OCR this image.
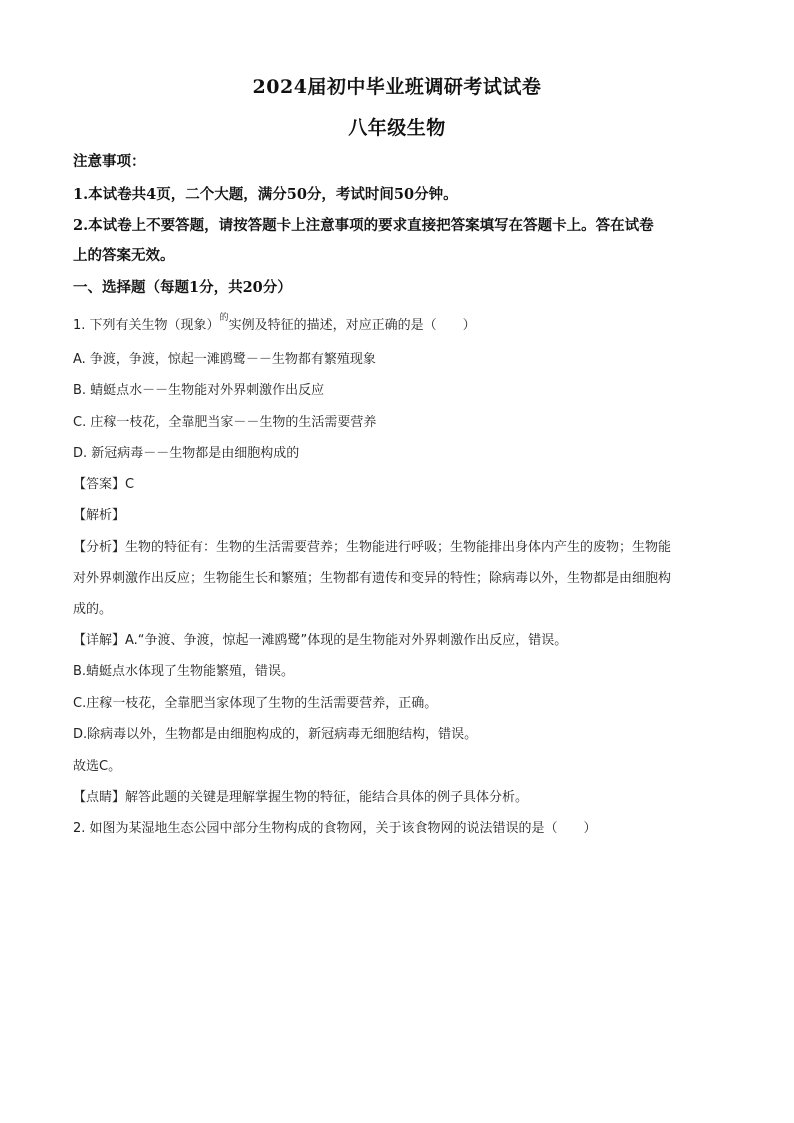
2024届初中毕业班调研考试试卷
八年级生物
注意事项：
1.本试卷共4页，二个大题，满分50分，考试时间50分钟。
2.本试卷上不要答题，请按答题卡上注意事项的要求直接把答案填写在答题卡上。答在试卷
上的答案无效。
一、选择题（每题1分，共20分）
1. 下列有关生物（现象）$^的$实例及特征的描述，对应正确的是（　　）
A. 争渡，争渡，惊起一滩鸥鹭－－生物都有繁殖现象
B. 蜻蜓点水－－生物能对外界刺激作出反应
C. 庄稼一枝花，全靠肥当家－－生物的生活需要营养
D. 新冠病毒－－生物都是由细胞构成的
【答案】C
【解析】
【分析】生物的特征有：生物的生活需要营养；生物能进行呼吸；生物能排出身体内产生的废物；生物能
对外界刺激作出反应；生物能生长和繁殖；生物都有遗传和变异的特性；除病毒以外，生物都是由细胞构
成的。
【详解】A.“争渡、争渡，惊起一滩鸥鹭”体现的是生物能对外界刺激作出反应，错误。
B.蜻蜓点水体现了生物能繁殖，错误。
C.庄稼一枝花，全靠肥当家体现了生物的生活需要营养，正确。
D.除病毒以外，生物都是由细胞构成的，新冠病毒无细胞结构，错误。
故选C。
【点睛】解答此题的关键是理解掌握生物的特征，能结合具体的例子具体分析。
2. 如图为某湿地生态公园中部分生物构成的食物网，关于该食物网的说法错误的是（　　）
